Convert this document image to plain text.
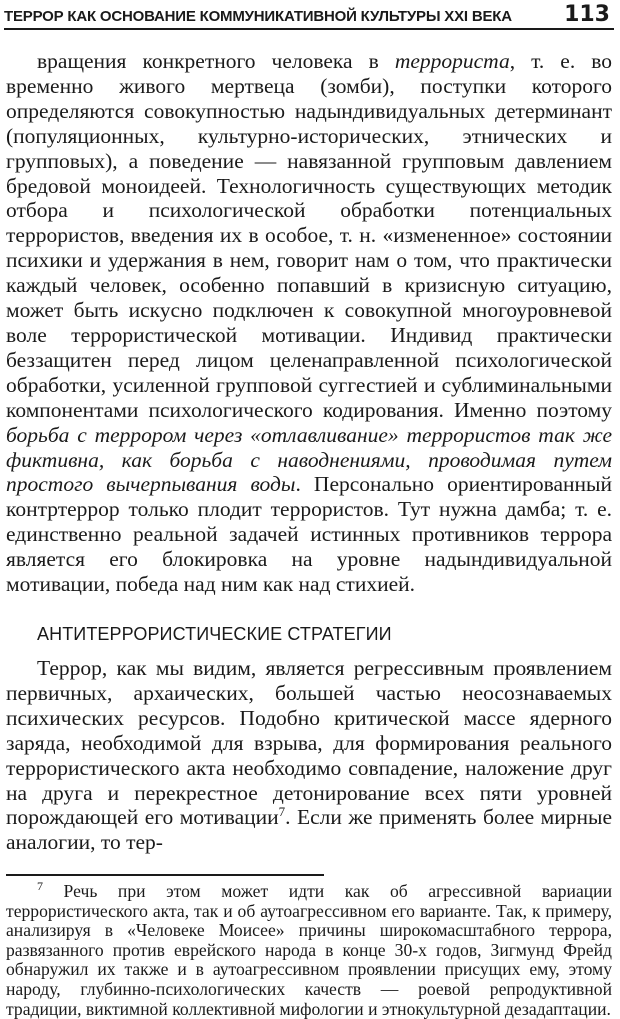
ТЕРРОР КАК ОСНОВАНИЕ КОММУНИКАТИВНОЙ КУЛЬТУРЫ XXI ВЕКА 113

вращения конкретного человека в террориста, т. е. во временно живого мертвеца (зомби), поступки которого определяются совокупностью надындивидуальных детерминант (популяционных, культурно-исторических, этнических и групповых), а поведение — навязанной групповым давлением бредовой моноидеей. Технологичность существующих методик отбора и психологической обработки потенциальных террористов, введения их в особое, т. н. «измененное» состоянии психики и удержания в нем, говорит нам о том, что практически каждый человек, особенно попавший в кризисную ситуацию, может быть искусно подключен к совокупной многоуровневой воле террористической мотивации. Индивид практически беззащитен перед лицом целенаправленной психологической обработки, усиленной групповой суггестией и сублиминальными компонентами психологического кодирования. Именно поэтому борьба с террором через «отлавливание» террористов так же фиктивна, как борьба с наводнениями, проводимая путем простого вычерпывания воды. Персонально ориентированный контртеррор только плодит террористов. Тут нужна дамба; т. е. единственно реальной задачей истинных противников террора является его блокировка на уровне надындивидуальной мотивации, победа над ним как над стихией.

АНТИТЕРРОРИСТИЧЕСКИЕ СТРАТЕГИИ

Террор, как мы видим, является регрессивным проявлением первичных, архаических, большей частью неосознаваемых психических ресурсов. Подобно критической массе ядерного заряда, необходимой для взрыва, для формирования реального террористического акта необходимо совпадение, наложение друг на друга и перекрестное детонирование всех пяти уровней порождающей его мотивации$^7$. Если же применять более мирные аналогии, то тер-

$^7$ Речь при этом может идти как об агрессивной вариации террористического акта, так и об аутоагрессивном его варианте. Так, к примеру, анализируя в «Человеке Моисее» причины широкомасштабного террора, развязанного против еврейского народа в конце 30-х годов, Зигмунд Фрейд обнаружил их также и в аутоагрессивном проявлении присущих ему, этому народу, глубинно-психологических качеств — роевой репродуктивной традиции, виктимной коллективной мифологии и этнокультурной дезадаптации.
